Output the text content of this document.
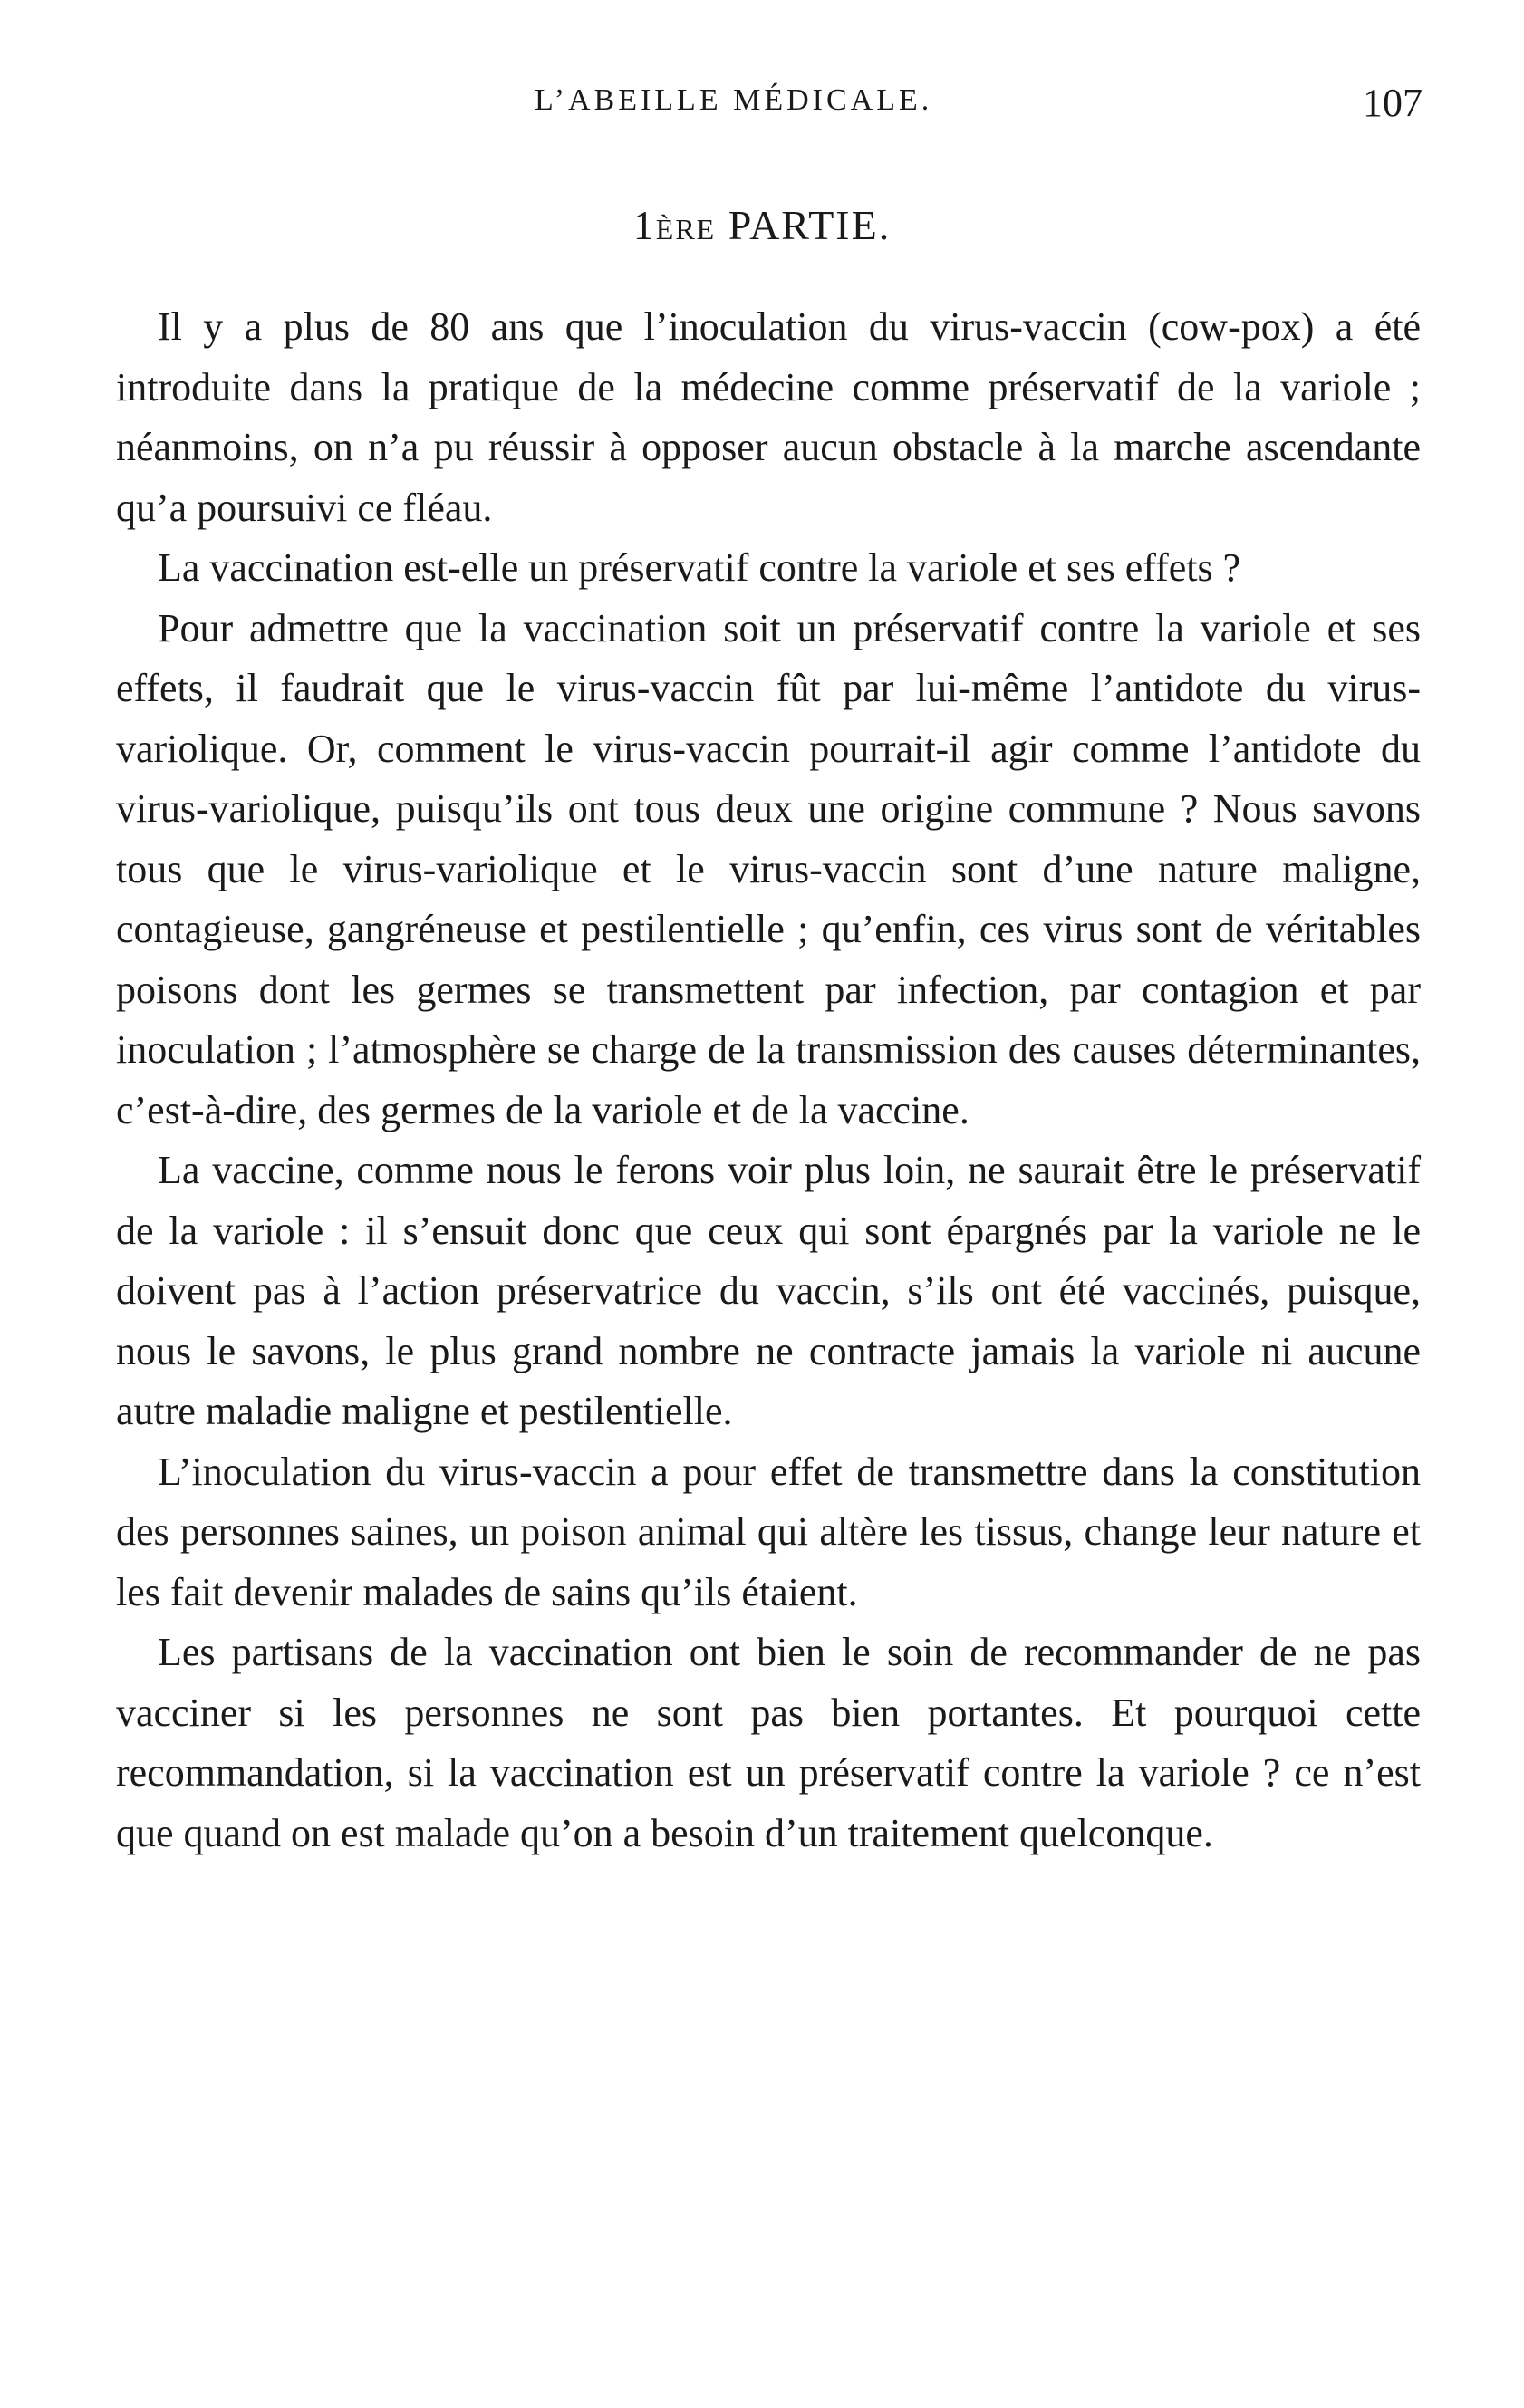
L’ABEILLE MÉDICALE.	107
1ère PARTIE.

Il y a plus de 80 ans que l’inoculation du virus-vaccin (cow-pox) a été introduite dans la pratique de la médecine comme préservatif de la variole ; néanmoins, on n’a pu réussir à opposer aucun obstacle à la marche ascendante qu’a poursuivi ce fléau.

La vaccination est-elle un préservatif contre la variole et ses effets ?

Pour admettre que la vaccination soit un préservatif contre la variole et ses effets, il faudrait que le virus-vaccin fût par lui-même l’antidote du virus-variolique. Or, comment le virus-vaccin pourrait-il agir comme l’antidote du virus-variolique, puisqu’ils ont tous deux une origine commune ? Nous savons tous que le virus-variolique et le virus-vaccin sont d’une nature maligne, contagieuse, gangréneuse et pestilentielle ; qu’enfin, ces virus sont de véritables poisons dont les germes se transmettent par infection, par contagion et par inoculation ; l’atmosphère se charge de la transmission des causes déterminantes, c’est-à-dire, des germes de la variole et de la vaccine.

La vaccine, comme nous le ferons voir plus loin, ne saurait être le préservatif de la variole : il s’ensuit donc que ceux qui sont épargnés par la variole ne le doivent pas à l’action préservatrice du vaccin, s’ils ont été vaccinés, puisque, nous le savons, le plus grand nombre ne contracte jamais la variole ni aucune autre maladie maligne et pestilentielle.

L’inoculation du virus-vaccin a pour effet de transmettre dans la constitution des personnes saines, un poison animal qui altère les tissus, change leur nature et les fait devenir malades de sains qu’ils étaient.

Les partisans de la vaccination ont bien le soin de recommander de ne pas vacciner si les personnes ne sont pas bien portantes. Et pourquoi cette recommandation, si la vaccination est un préservatif contre la variole ? ce n’est que quand on est malade qu’on a besoin d’un traitement quelconque.
